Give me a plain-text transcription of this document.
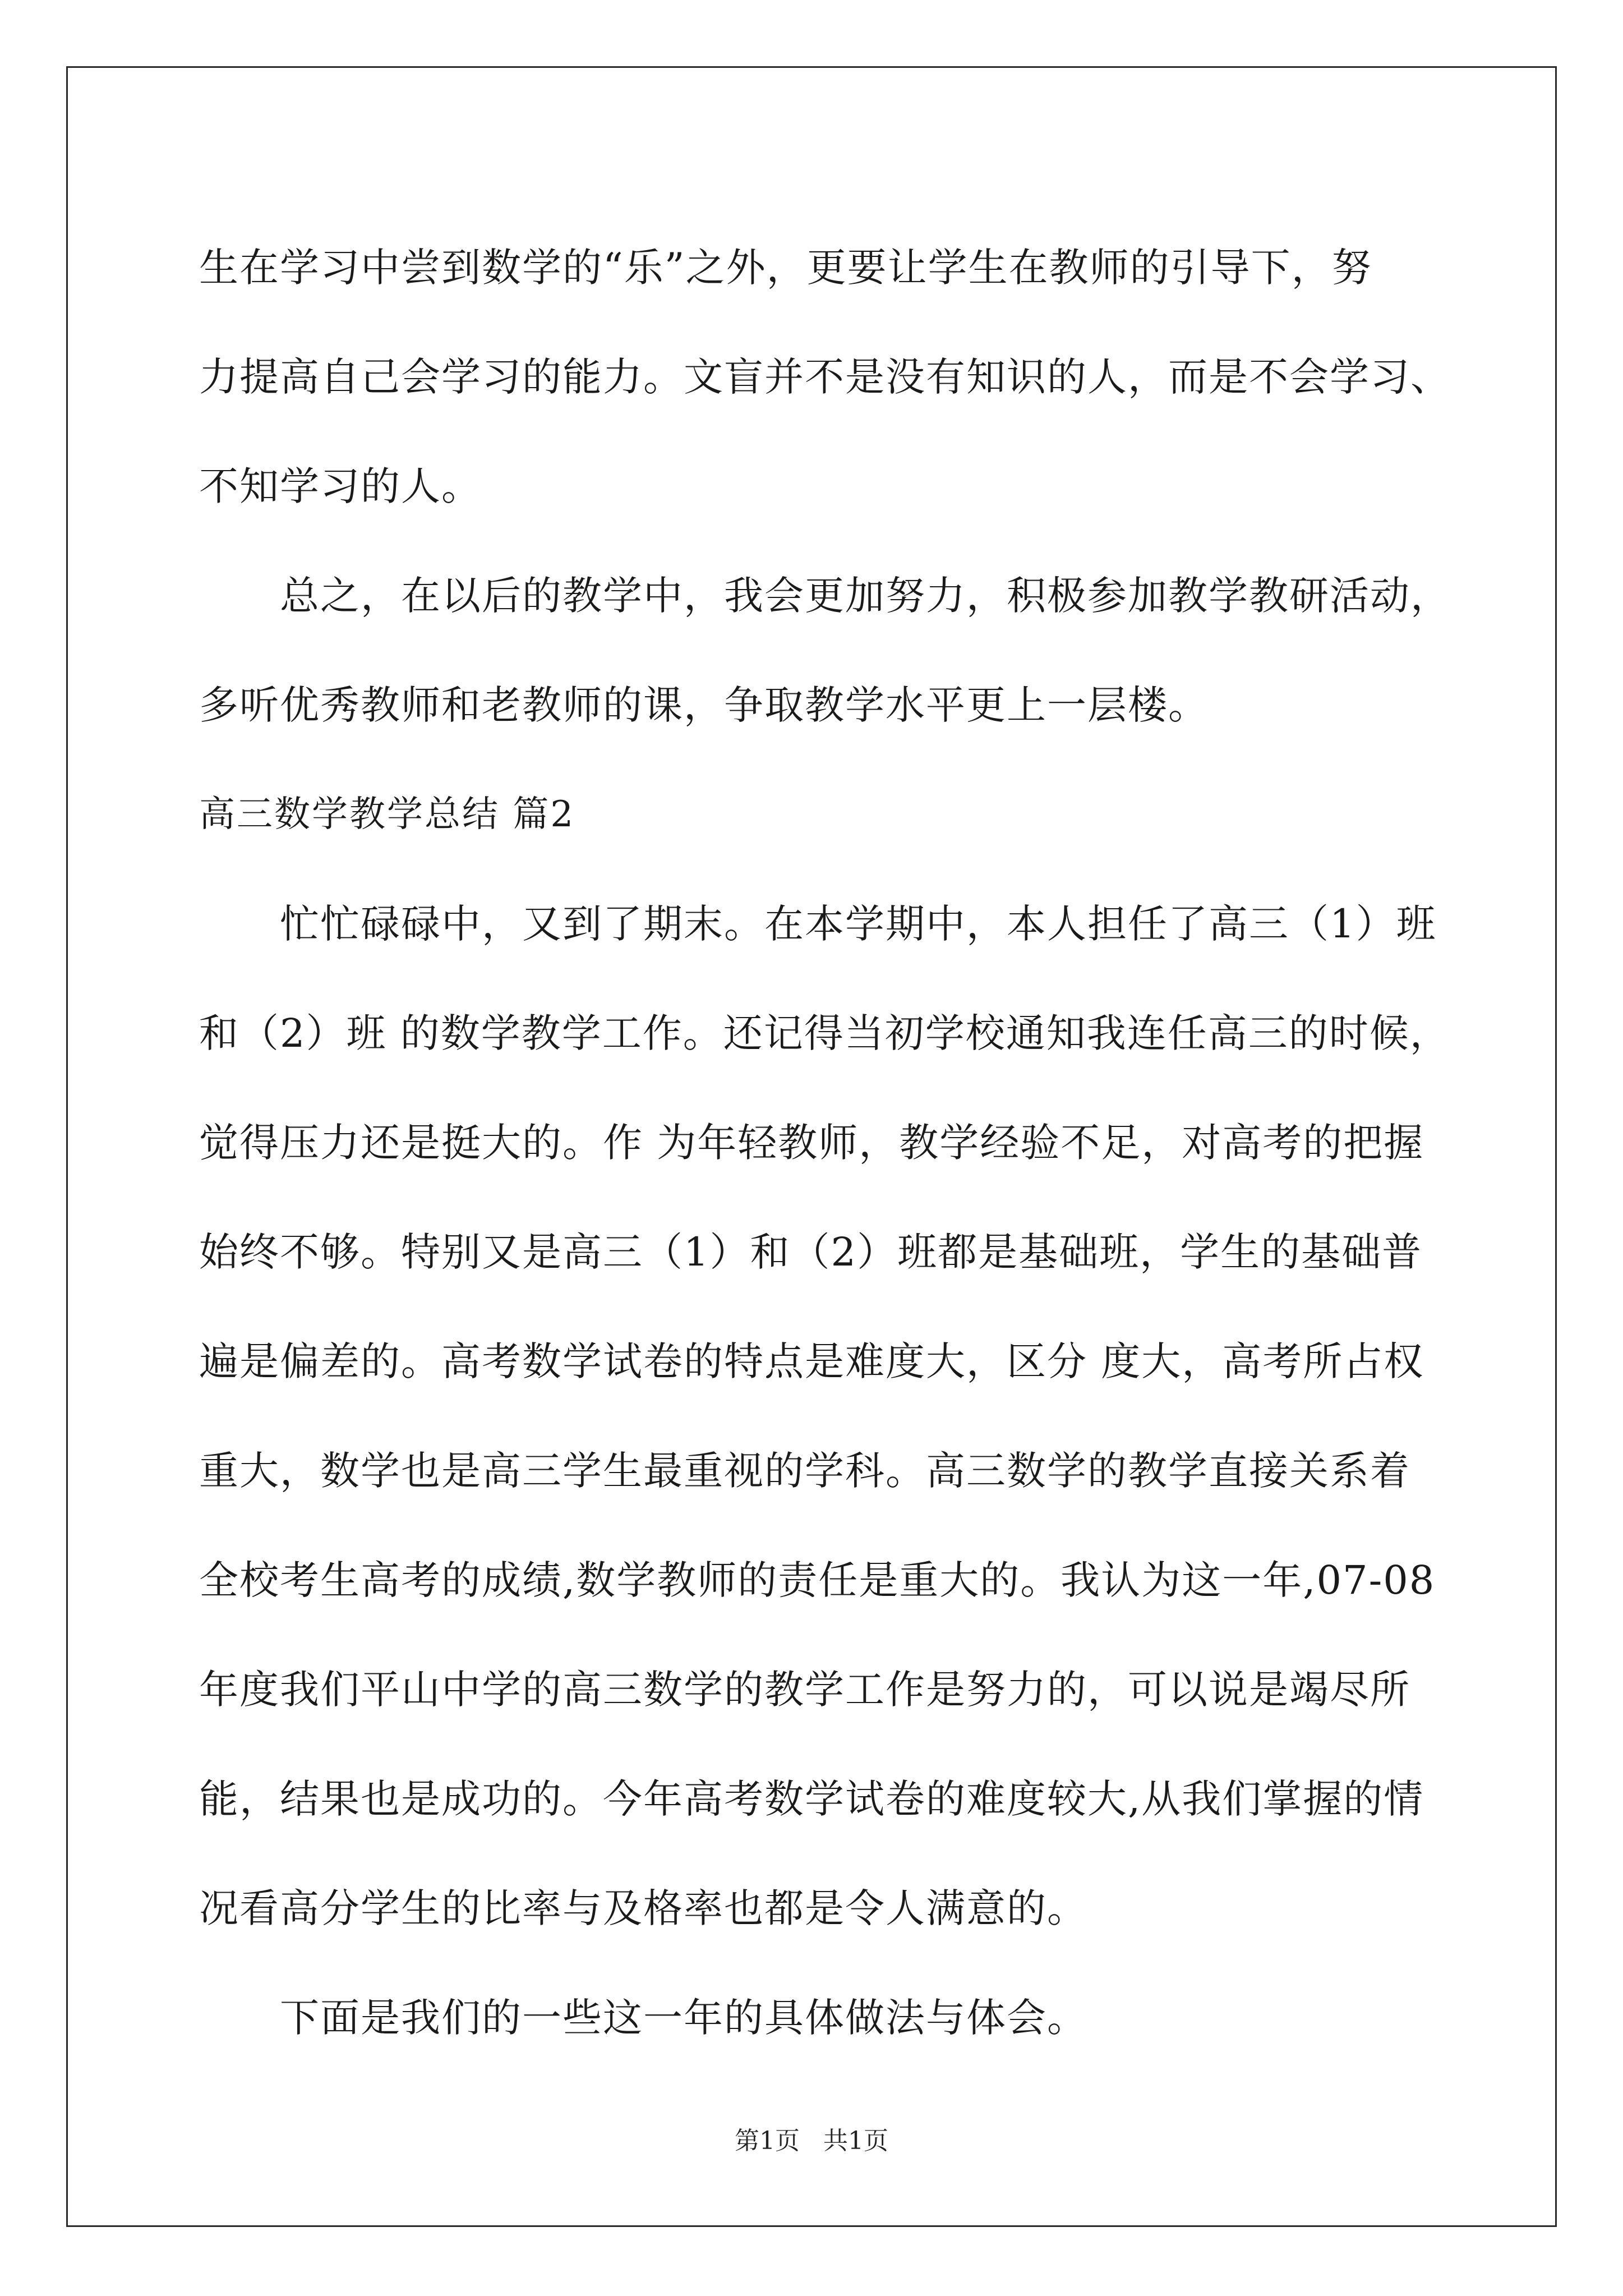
生在学习中尝到数学的“乐”之外，更要让学生在教师的引导下，努
力提高自己会学习的能力。文盲并不是没有知识的人，而是不会学习、
不知学习的人。
　　总之，在以后的教学中，我会更加努力，积极参加教学教研活动，
多听优秀教师和老教师的课，争取教学水平更上一层楼。
高三数学教学总结 篇2
　　忙忙碌碌中，又到了期末。在本学期中，本人担任了高三（1）班
和（2）班 的数学教学工作。还记得当初学校通知我连任高三的时候，
觉得压力还是挺大的。作 为年轻教师，教学经验不足，对高考的把握
始终不够。特别又是高三（1）和（2）班都是基础班，学生的基础普
遍是偏差的。高考数学试卷的特点是难度大，区分 度大，高考所占权
重大，数学也是高三学生最重视的学科。高三数学的教学直接关系着
全校考生高考的成绩,数学教师的责任是重大的。我认为这一年,07-08
年度我们平山中学的高三数学的教学工作是努力的，可以说是竭尽所
能，结果也是成功的。今年高考数学试卷的难度较大,从我们掌握的情
况看高分学生的比率与及格率也都是令人满意的。
　　下面是我们的一些这一年的具体做法与体会。
第1页   共1页
